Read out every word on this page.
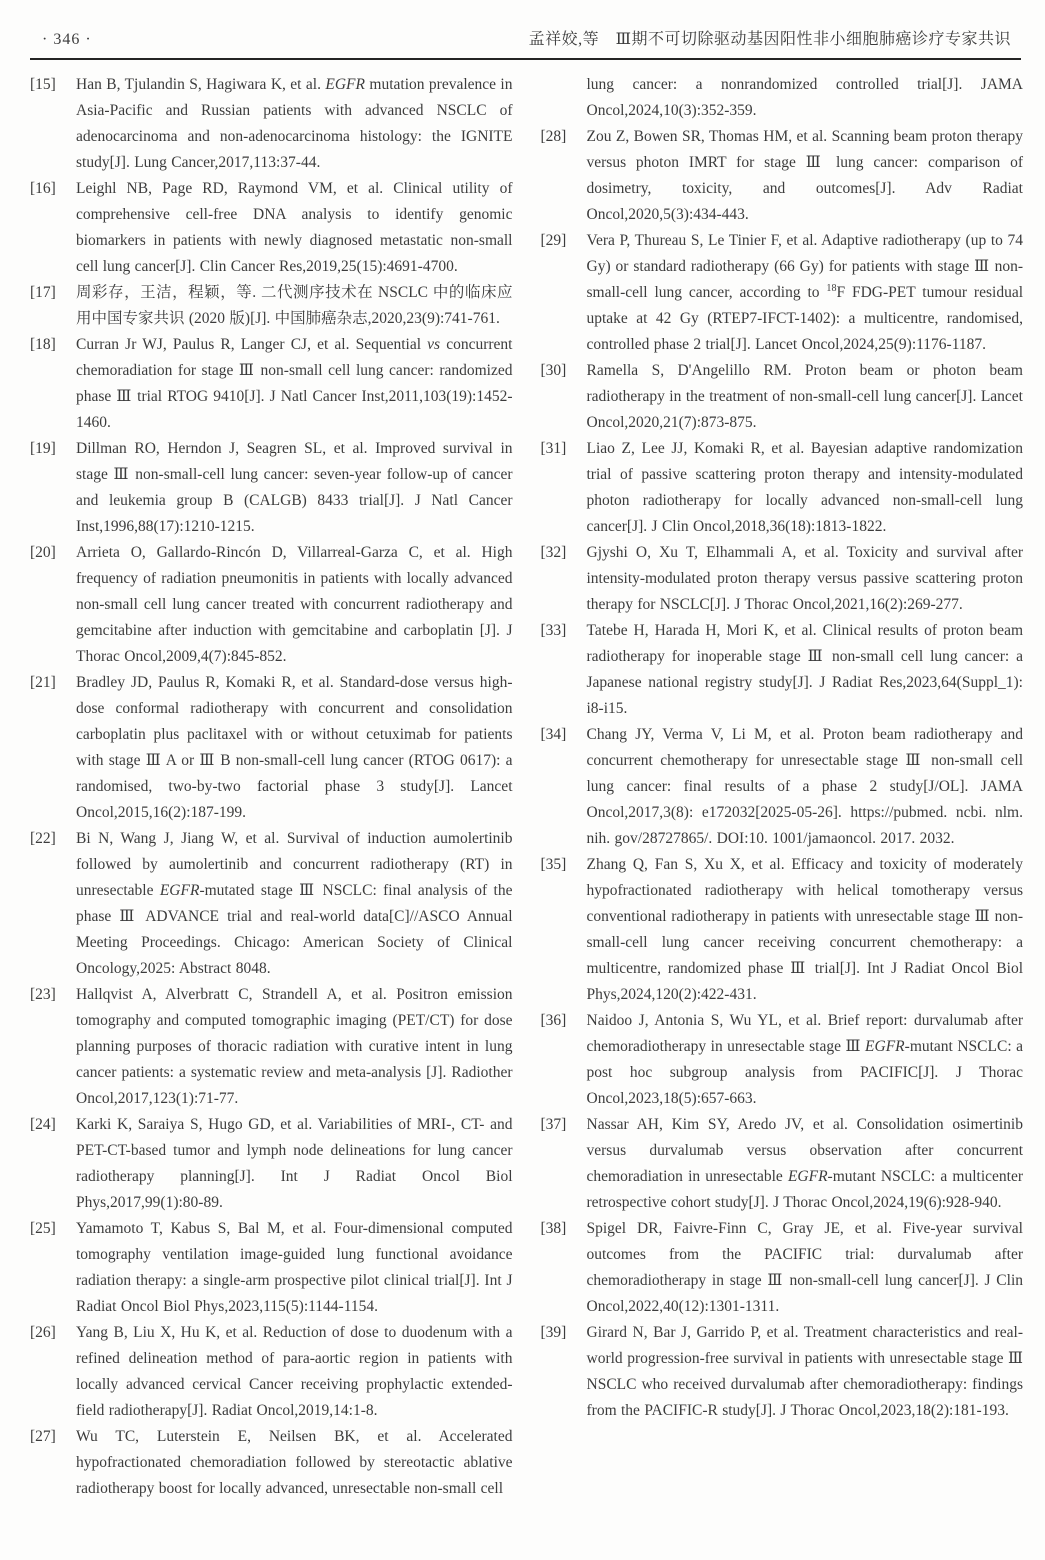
· 346 ·	孟祥姣,等　Ⅲ期不可切除驱动基因阳性非小细胞肺癌诊疗专家共识
[15]	Han B, Tjulandin S, Hagiwara K, et al. EGFR mutation prevalence in Asia-Pacific and Russian patients with advanced NSCLC of adenocarcinoma and non-adenocarcinoma histology: the IGNITE study[J]. Lung Cancer,2017,113:37-44.
[16]	Leighl NB, Page RD, Raymond VM, et al. Clinical utility of comprehensive cell-free DNA analysis to identify genomic biomarkers in patients with newly diagnosed metastatic non-small cell lung cancer[J]. Clin Cancer Res,2019,25(15):4691-4700.
[17]	周彩存，王洁，程颖，等. 二代测序技术在 NSCLC 中的临床应用中国专家共识 (2020 版)[J]. 中国肺癌杂志,2020,23(9):741-761.
[18]	Curran Jr WJ, Paulus R, Langer CJ, et al. Sequential vs concurrent chemoradiation for stage Ⅲ non-small cell lung cancer: randomized phase Ⅲ trial RTOG 9410[J]. J Natl Cancer Inst,2011,103(19):1452-1460.
[19]	Dillman RO, Herndon J, Seagren SL, et al. Improved survival in stage Ⅲ non-small-cell lung cancer: seven-year follow-up of cancer and leukemia group B (CALGB) 8433 trial[J]. J Natl Cancer Inst,1996,88(17):1210-1215.
[20]	Arrieta O, Gallardo-Rincón D, Villarreal-Garza C, et al. High frequency of radiation pneumonitis in patients with locally advanced non-small cell lung cancer treated with concurrent radiotherapy and gemcitabine after induction with gemcitabine and carboplatin [J]. J Thorac Oncol,2009,4(7):845-852.
[21]	Bradley JD, Paulus R, Komaki R, et al. Standard-dose versus high-dose conformal radiotherapy with concurrent and consolidation carboplatin plus paclitaxel with or without cetuximab for patients with stage Ⅲ A or Ⅲ B non-small-cell lung cancer (RTOG 0617): a randomised, two-by-two factorial phase 3 study[J]. Lancet Oncol,2015,16(2):187-199.
[22]	Bi N, Wang J, Jiang W, et al. Survival of induction aumolertinib followed by aumolertinib and concurrent radiotherapy (RT) in unresectable EGFR-mutated stage Ⅲ NSCLC: final analysis of the phase Ⅲ ADVANCE trial and real-world data[C]//ASCO Annual Meeting Proceedings. Chicago: American Society of Clinical Oncology,2025: Abstract 8048.
[23]	Hallqvist A, Alverbratt C, Strandell A, et al. Positron emission tomography and computed tomographic imaging (PET/CT) for dose planning purposes of thoracic radiation with curative intent in lung cancer patients: a systematic review and meta-analysis [J]. Radiother Oncol,2017,123(1):71-77.
[24]	Karki K, Saraiya S, Hugo GD, et al. Variabilities of MRI-, CT- and PET-CT-based tumor and lymph node delineations for lung cancer radiotherapy planning[J]. Int J Radiat Oncol Biol Phys,2017,99(1):80-89.
[25]	Yamamoto T, Kabus S, Bal M, et al. Four-dimensional computed tomography ventilation image-guided lung functional avoidance radiation therapy: a single-arm prospective pilot clinical trial[J]. Int J Radiat Oncol Biol Phys,2023,115(5):1144-1154.
[26]	Yang B, Liu X, Hu K, et al. Reduction of dose to duodenum with a refined delineation method of para-aortic region in patients with locally advanced cervical Cancer receiving prophylactic extended-field radiotherapy[J]. Radiat Oncol,2019,14:1-8.
[27]	Wu TC, Luterstein E, Neilsen BK, et al. Accelerated hypofractionated chemoradiation followed by stereotactic ablative radiotherapy boost for locally advanced, unresectable non-small cell
lung cancer: a nonrandomized controlled trial[J]. JAMA Oncol,2024,10(3):352-359.
[28]	Zou Z, Bowen SR, Thomas HM, et al. Scanning beam proton therapy versus photon IMRT for stage Ⅲ lung cancer: comparison of dosimetry, toxicity, and outcomes[J]. Adv Radiat Oncol,2020,5(3):434-443.
[29]	Vera P, Thureau S, Le Tinier F, et al. Adaptive radiotherapy (up to 74 Gy) or standard radiotherapy (66 Gy) for patients with stage Ⅲ non-small-cell lung cancer, according to $^{18}$F FDG-PET tumour residual uptake at 42 Gy (RTEP7-IFCT-1402): a multicentre, randomised, controlled phase 2 trial[J]. Lancet Oncol,2024,25(9):1176-1187.
[30]	Ramella S, D'Angelillo RM. Proton beam or photon beam radiotherapy in the treatment of non-small-cell lung cancer[J]. Lancet Oncol,2020,21(7):873-875.
[31]	Liao Z, Lee JJ, Komaki R, et al. Bayesian adaptive randomization trial of passive scattering proton therapy and intensity-modulated photon radiotherapy for locally advanced non-small-cell lung cancer[J]. J Clin Oncol,2018,36(18):1813-1822.
[32]	Gjyshi O, Xu T, Elhammali A, et al. Toxicity and survival after intensity-modulated proton therapy versus passive scattering proton therapy for NSCLC[J]. J Thorac Oncol,2021,16(2):269-277.
[33]	Tatebe H, Harada H, Mori K, et al. Clinical results of proton beam radiotherapy for inoperable stage Ⅲ non-small cell lung cancer: a Japanese national registry study[J]. J Radiat Res,2023,64(Suppl_1): i8-i15.
[34]	Chang JY, Verma V, Li M, et al. Proton beam radiotherapy and concurrent chemotherapy for unresectable stage Ⅲ non-small cell lung cancer: final results of a phase 2 study[J/OL]. JAMA Oncol,2017,3(8): e172032[2025-05-26]. https://pubmed. ncbi. nlm. nih. gov/28727865/. DOI:10. 1001/jamaoncol. 2017. 2032.
[35]	Zhang Q, Fan S, Xu X, et al. Efficacy and toxicity of moderately hypofractionated radiotherapy with helical tomotherapy versus conventional radiotherapy in patients with unresectable stage Ⅲ non-small-cell lung cancer receiving concurrent chemotherapy: a multicentre, randomized phase Ⅲ trial[J]. Int J Radiat Oncol Biol Phys,2024,120(2):422-431.
[36]	Naidoo J, Antonia S, Wu YL, et al. Brief report: durvalumab after chemoradiotherapy in unresectable stage Ⅲ EGFR-mutant NSCLC: a post hoc subgroup analysis from PACIFIC[J]. J Thorac Oncol,2023,18(5):657-663.
[37]	Nassar AH, Kim SY, Aredo JV, et al. Consolidation osimertinib versus durvalumab versus observation after concurrent chemoradiation in unresectable EGFR-mutant NSCLC: a multicenter retrospective cohort study[J]. J Thorac Oncol,2024,19(6):928-940.
[38]	Spigel DR, Faivre-Finn C, Gray JE, et al. Five-year survival outcomes from the PACIFIC trial: durvalumab after chemoradiotherapy in stage Ⅲ non-small-cell lung cancer[J]. J Clin Oncol,2022,40(12):1301-1311.
[39]	Girard N, Bar J, Garrido P, et al. Treatment characteristics and real-world progression-free survival in patients with unresectable stage Ⅲ NSCLC who received durvalumab after chemoradiotherapy: findings from the PACIFIC-R study[J]. J Thorac Oncol,2023,18(2):181-193.
